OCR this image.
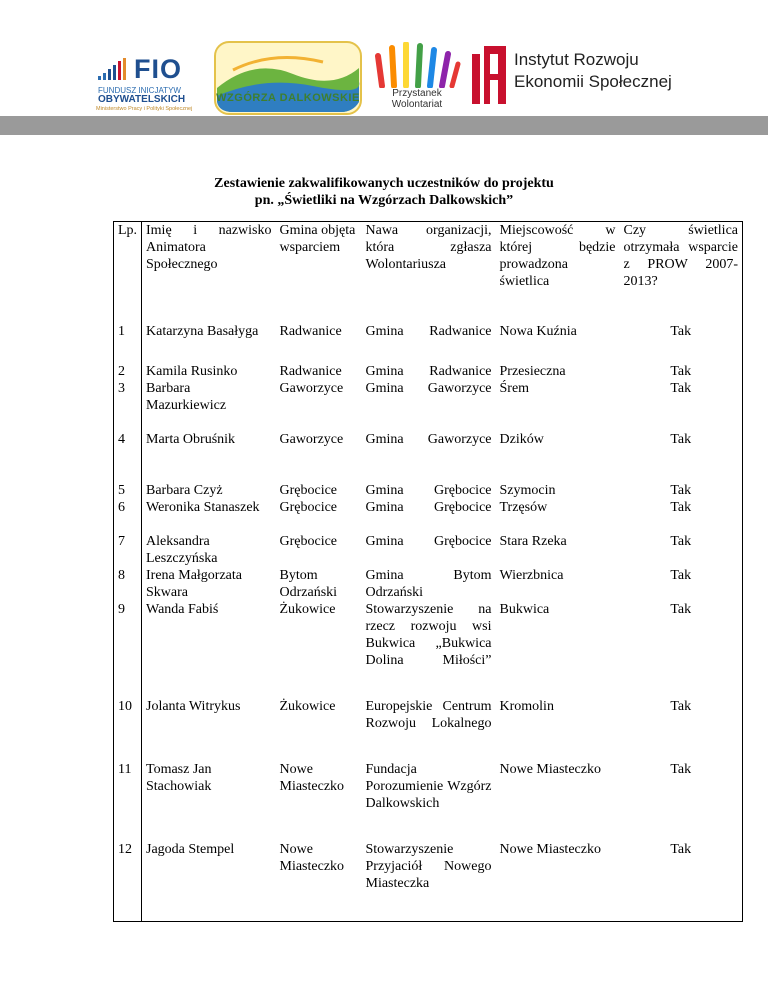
FIO
FUNDUSZ INICJATYW
OBYWATELSKICH
Ministerstwo Pracy i Polityki Społecznej
WZGÓRZA DALKOWSKIE	Przystanek
Wolontariat
Instytut Rozwoju
Ekonomii Społecznej
Zestawienie zakwalifikowanych uczestników do projektu
pn. „Świetliki na Wzgórzach Dalkowskich”
Lp.	Imię i nazwisko Animatora Społecznego	Gmina objęta wsparciem	Nawa organizacji, która zgłasza Wolontariusza	Miejscowość w której będzie prowadzona świetlica	Czy świetlica otrzymała wsparcie z PROW 2007-2013?
1	Katarzyna Basałyga	Radwanice	Gmina Radwanice	Nowa Kuźnia	Tak
2	Kamila Rusinko	Radwanice	Gmina Radwanice	Przesieczna	Tak
3	Barbara Mazurkiewicz	Gaworzyce	Gmina Gaworzyce	Śrem	Tak
4	Marta Obruśnik	Gaworzyce	Gmina Gaworzyce	Dzików	Tak
5	Barbara Czyż	Grębocice	Gmina Grębocice	Szymocin	Tak
6	Weronika Stanaszek	Grębocice	Gmina Grębocice	Trzęsów	Tak
7	Aleksandra Leszczyńska	Grębocice	Gmina Grębocice	Stara Rzeka	Tak
8	Irena Małgorzata Skwara	Bytom Odrzański	Gmina Bytom Odrzański	Wierzbnica	Tak
9	Wanda Fabiś	Żukowice	Stowarzyszenie na rzecz rozwoju wsi Bukwica „Bukwica Dolina Miłości”	Bukwica	Tak
10	Jolanta Witrykus	Żukowice	Europejskie Centrum Rozwoju Lokalnego	Kromolin	Tak
11	Tomasz Jan Stachowiak	Nowe Miasteczko	Fundacja Porozumienie Wzgórz Dalkowskich	Nowe Miasteczko	Tak
12	Jagoda Stempel	Nowe Miasteczko	Stowarzyszenie Przyjaciół Nowego Miasteczka	Nowe Miasteczko	Tak
